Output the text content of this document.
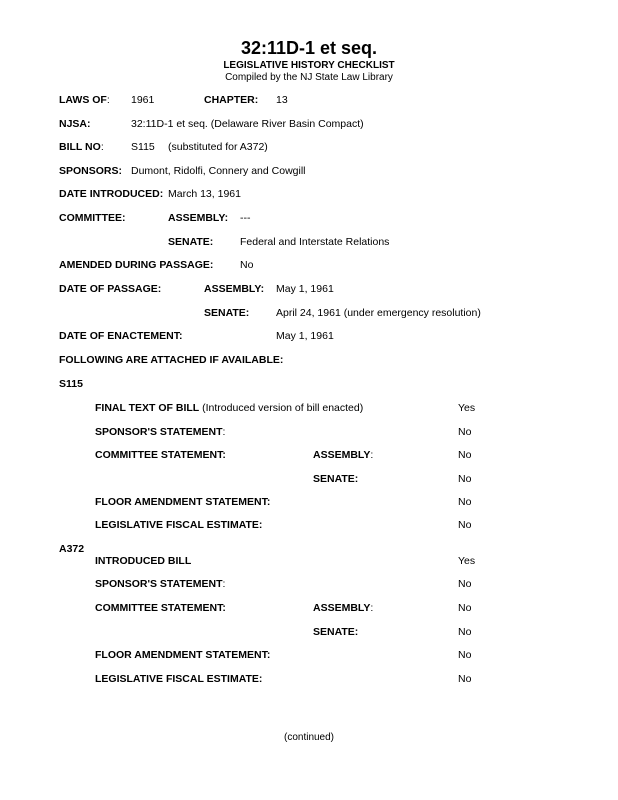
32:11D-1 et seq.
LEGISLATIVE HISTORY CHECKLIST
Compiled by the NJ State Law Library
LAWS OF: 1961	CHAPTER: 13
NJSA:	32:11D-1 et seq. (Delaware River Basin Compact)
BILL NO:	S115 (substituted for A372)
SPONSORS: Dumont, Ridolfi, Connery and Cowgill
DATE INTRODUCED: March 13, 1961
COMMITTEE:	ASSEMBLY: ---
SENATE:	Federal and Interstate Relations
AMENDED DURING PASSAGE:	No
DATE OF PASSAGE:	ASSEMBLY: May 1, 1961
SENATE:	April 24, 1961 (under emergency resolution)
DATE OF ENACTEMENT:	May 1, 1961
FOLLOWING ARE ATTACHED IF AVAILABLE:
S115
FINAL TEXT OF BILL (Introduced version of bill enacted)	Yes
SPONSOR'S STATEMENT:	No
COMMITTEE STATEMENT:	ASSEMBLY:	No
SENATE:	No
FLOOR AMENDMENT STATEMENT:	No
LEGISLATIVE FISCAL ESTIMATE:	No
A372
INTRODUCED BILL	Yes
SPONSOR'S STATEMENT:	No
COMMITTEE STATEMENT:	ASSEMBLY:	No
SENATE:	No
FLOOR AMENDMENT STATEMENT:	No
LEGISLATIVE FISCAL ESTIMATE:	No
(continued)
